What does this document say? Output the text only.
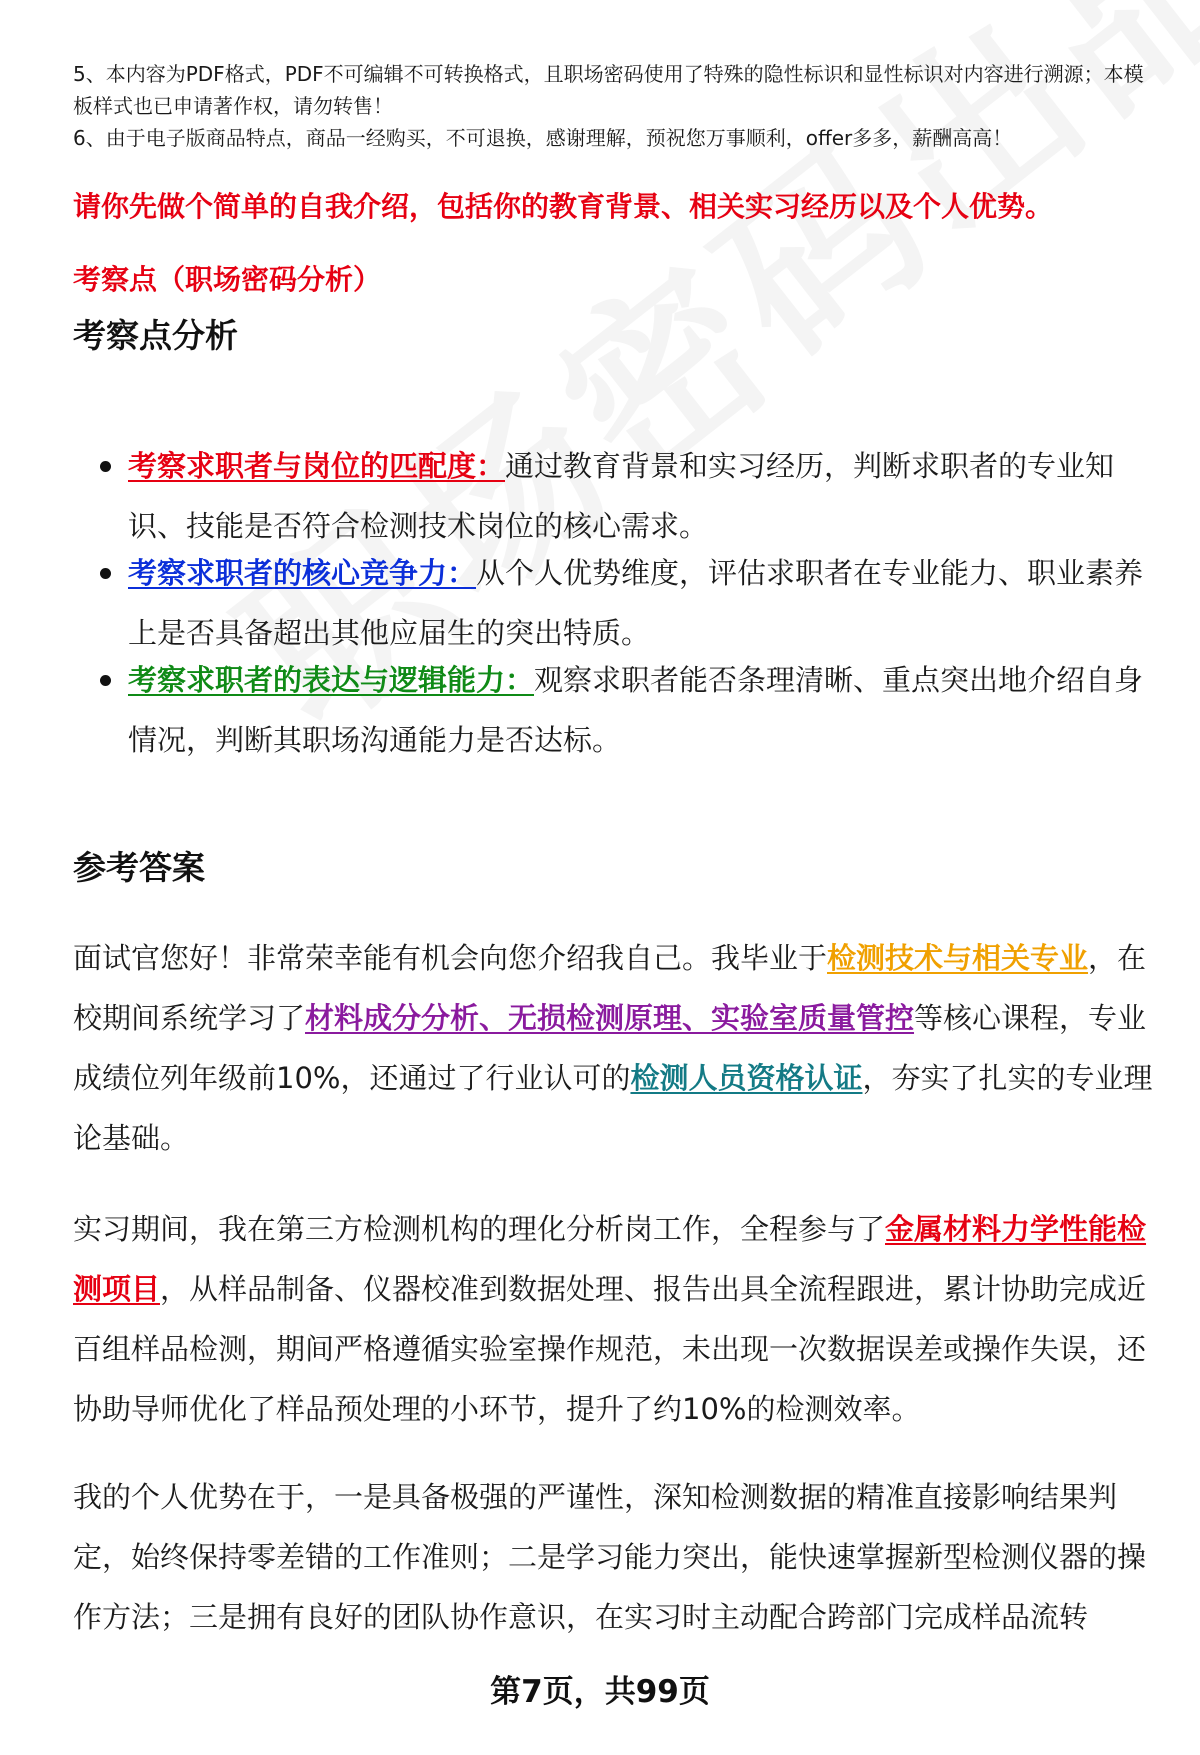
5、本内容为PDF格式，PDF不可编辑不可转换格式，且职场密码使用了特殊的隐性标识和显性标识对内容进行溯源；本模板样式也已申请著作权，请勿转售！

6、由于电子版商品特点，商品一经购买，不可退换，感谢理解，预祝您万事顺利，offer多多，薪酬高高！

请你先做个简单的自我介绍，包括你的教育背景、相关实习经历以及个人优势。
考察点（职场密码分析）
考察点分析
考察求职者与岗位的匹配度：通过教育背景和实习经历，判断求职者的专业知识、技能是否符合检测技术岗位的核心需求。
考察求职者的核心竞争力：从个人优势维度，评估求职者在专业能力、职业素养上是否具备超出其他应届生的突出特质。
考察求职者的表达与逻辑能力：观察求职者能否条理清晰、重点突出地介绍自身情况，判断其职场沟通能力是否达标。
参考答案

面试官您好！非常荣幸能有机会向您介绍我自己。我毕业于检测技术与相关专业，在校期间系统学习了材料成分分析、无损检测原理、实验室质量管控等核心课程，专业成绩位列年级前10%，还通过了行业认可的检测人员资格认证，夯实了扎实的专业理论基础。

实习期间，我在第三方检测机构的理化分析岗工作，全程参与了金属材料力学性能检测项目，从样品制备、仪器校准到数据处理、报告出具全流程跟进，累计协助完成近百组样品检测，期间严格遵循实验室操作规范，未出现一次数据误差或操作失误，还协助导师优化了样品预处理的小环节，提升了约10%的检测效率。

我的个人优势在于，一是具备极强的严谨性，深知检测数据的精准直接影响结果判定，始终保持零差错的工作准则；二是学习能力突出，能快速掌握新型检测仪器的操作方法；三是拥有良好的团队协作意识，在实习时主动配合跨部门完成样品流转

第7页，共99页
